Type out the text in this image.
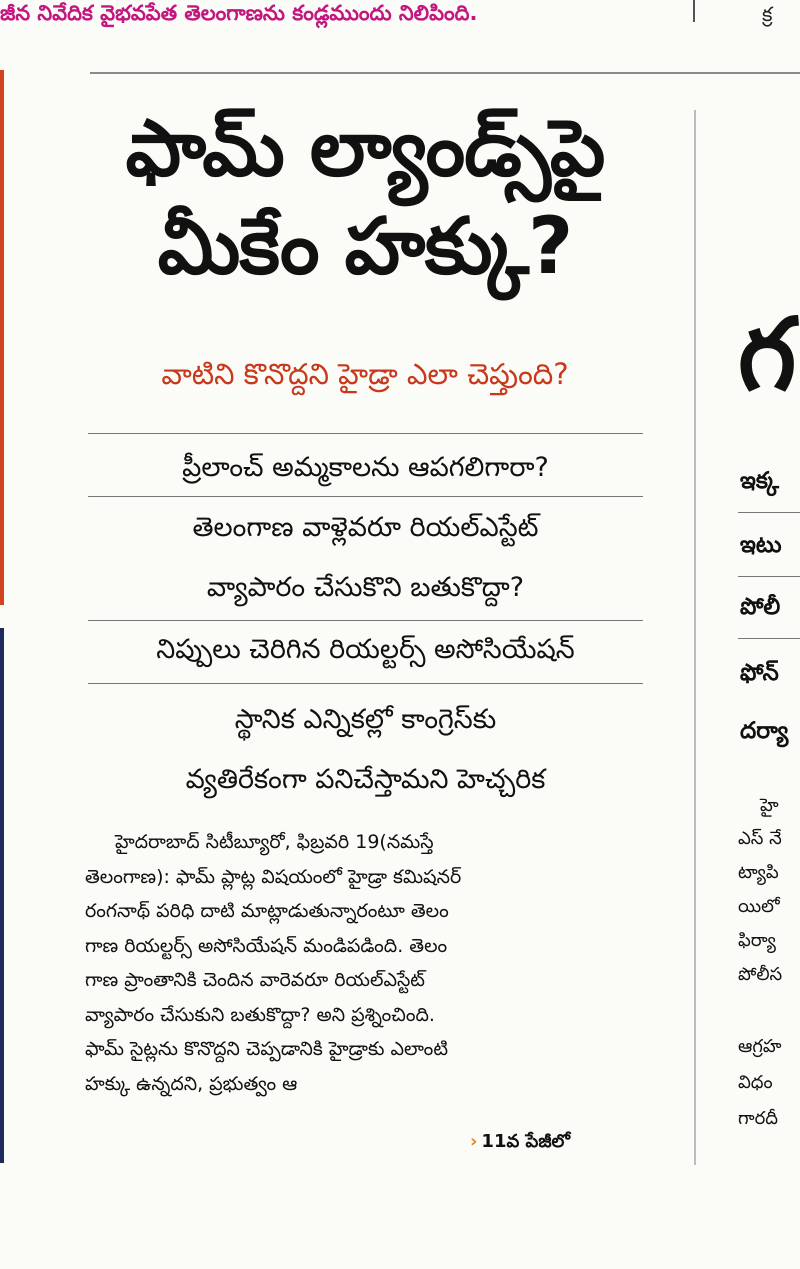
జీన నివేదిక వైభవపేత తెలంగాణను కండ్లముందు నిలిపింది.	క్ర
ఫామ్ ల్యాండ్స్‌పై
మీకేం హక్కు?
వాటిని కొనొద్దని హైడ్రా ఎలా చెప్తుంది?
ప్రీలాంచ్ అమ్మకాలను ఆపగలిగారా?
తెలంగాణ వాళ్లెవరూ రియల్‌ఎస్టేట్
వ్యాపారం చేసుకొని బతుకొద్దా?
నిప్పులు చెరిగిన రియల్టర్స్ అసోసియేషన్
స్థానిక ఎన్నికల్లో కాంగ్రెస్‌కు
వ్యతిరేకంగా పనిచేస్తామని హెచ్చరిక

హైదరాబాద్ సిటీబ్యూరో, ఫిబ్రవరి 19(నమస్తే

తెలంగాణ): ఫామ్ ప్లాట్ల విషయంలో హైడ్రా కమిషనర్

రంగనాథ్ పరిధి దాటి మాట్లాడుతున్నారంటూ తెలం

గాణ రియల్టర్స్ అసోసియేషన్ మండిపడింది. తెలం

గాణ ప్రాంతానికి చెందిన వారెవరూ రియల్‌ఎస్టేట్

వ్యాపారం చేసుకుని బతుకొద్దా? అని ప్రశ్నించింది.

ఫామ్ సైట్లను కొనొద్దని చెప్పడానికి హైడ్రాకు ఎలాంటి

హక్కు ఉన్నదని, ప్రభుత్వం ఆ

› 11వ పేజీలో
గ
ఇక్క
ఇటు
పోలీ
ఫోన్
దర్యా
హై
ఎస్ నే
ట్యాపి
యిలో
ఫిర్యా
పోలీస
ఆగ్రహ
విధం
గారదీ
